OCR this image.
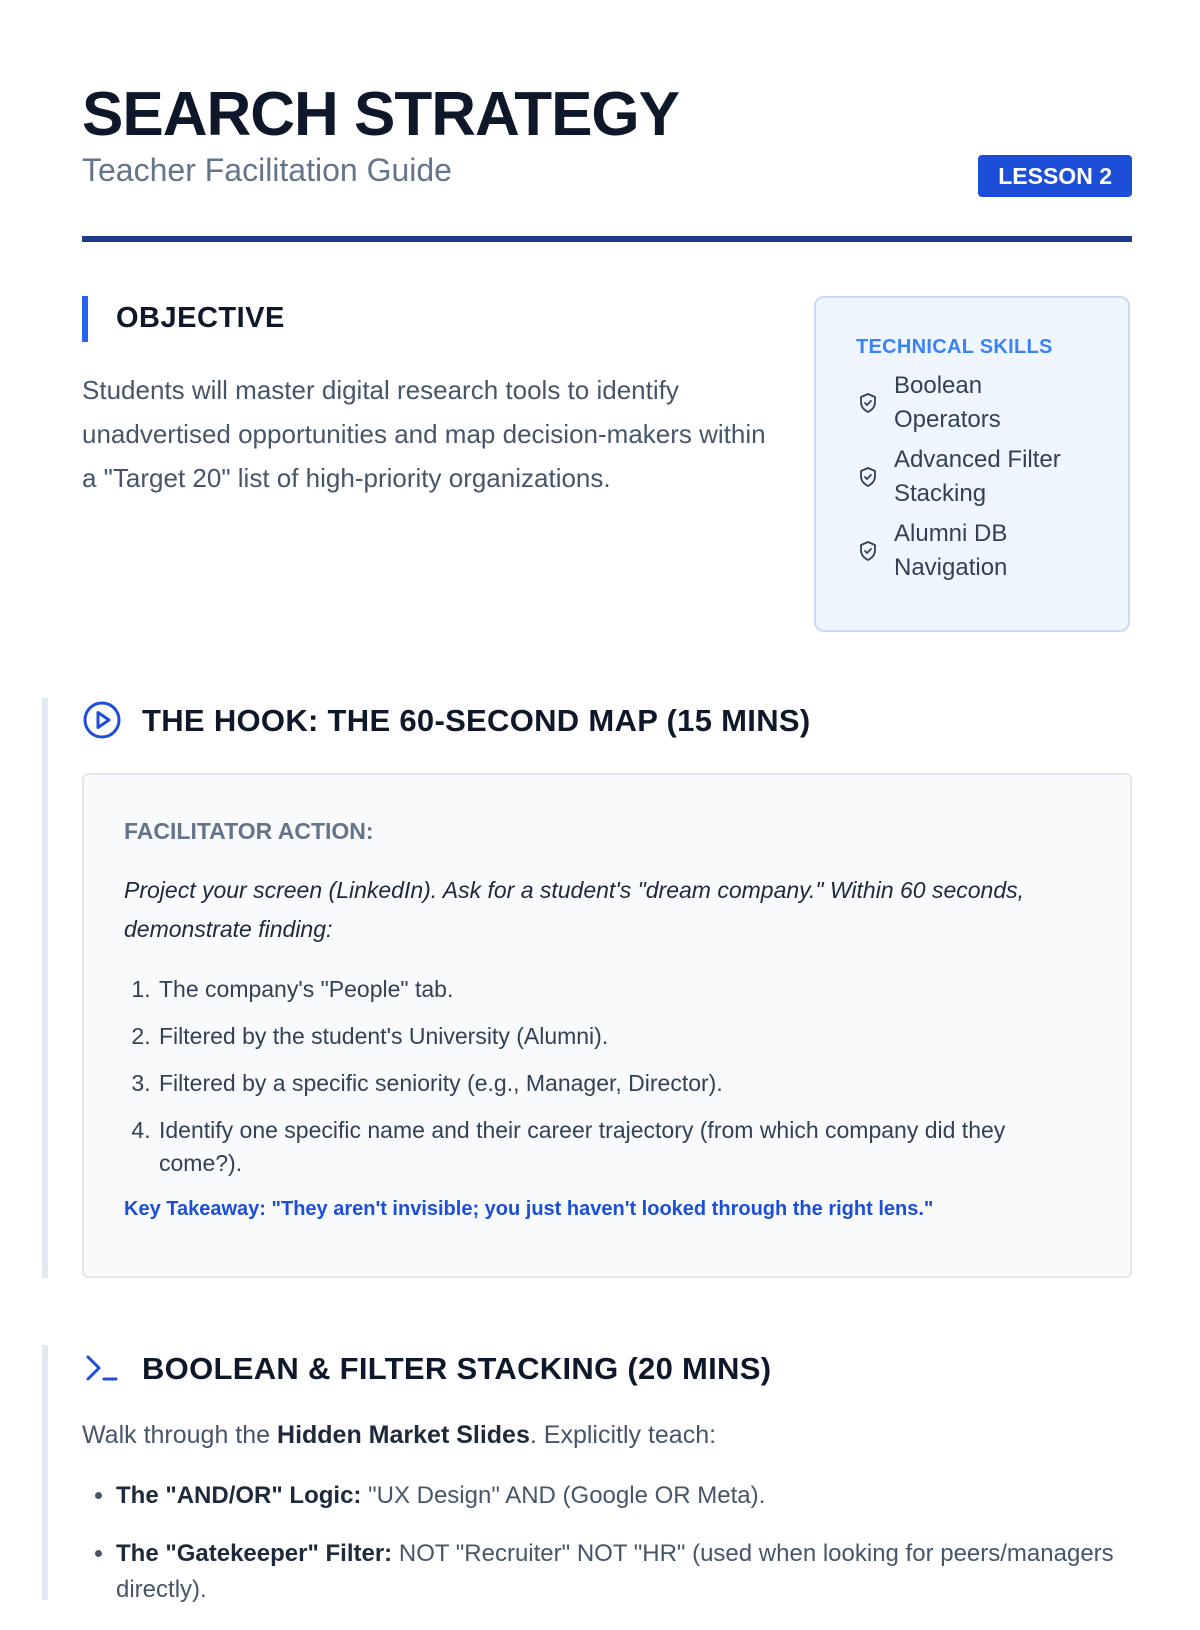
SEARCH STRATEGY

Teacher Facilitation Guide	LESSON 2
OBJECTIVE

Students will master digital research tools to identify unadvertised opportunities and map decision-makers within a "Target 20" list of high-priority organizations.

TECHNICAL SKILLS

Boolean Operators
Advanced Filter Stacking
Alumni DB Navigation
THE HOOK: THE 60-SECOND MAP (15 MINS)

FACILITATOR ACTION:

Project your screen (LinkedIn). Ask for a student's "dream company." Within 60 seconds, demonstrate finding:

1. The company's "People" tab.
2. Filtered by the student's University (Alumni).
3. Filtered by a specific seniority (e.g., Manager, Director).
4. Identify one specific name and their career trajectory (from which company did they come?).

Key Takeaway: "They aren't invisible; you just haven't looked through the right lens."

BOOLEAN & FILTER STACKING (20 MINS)

Walk through the Hidden Market Slides. Explicitly teach:

• The "AND/OR" Logic: "UX Design" AND (Google OR Meta).
• The "Gatekeeper" Filter: NOT "Recruiter" NOT "HR" (used when looking for peers/managers directly).
